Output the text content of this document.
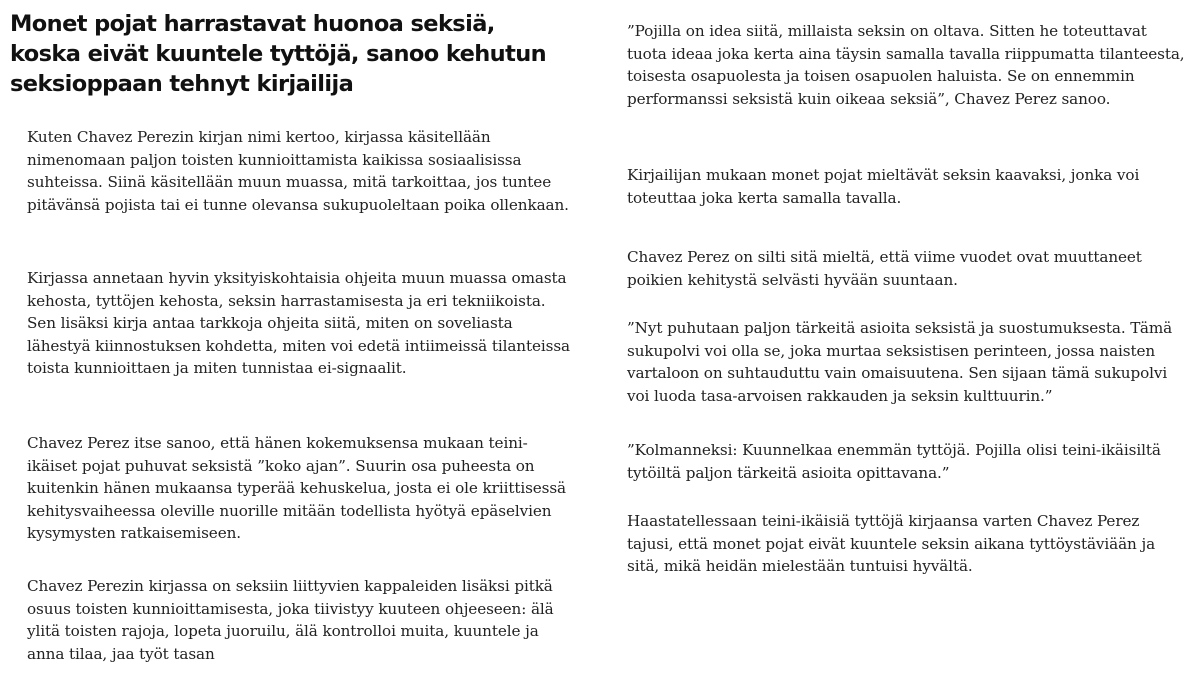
Monet pojat harrastavat huonoa seksiä, koska eivät kuuntele tyttöjä, sanoo kehutun seksioppaan tehnyt kirjailija

Kuten Chavez Perezin kirjan nimi kertoo, kirjassa käsitellään nimenomaan paljon toisten kunnioittamista kaikissa sosiaalisissa suhteissa. Siinä käsitellään muun muassa, mitä tarkoittaa, jos tuntee pitävänsä pojista tai ei tunne olevansa sukupuoleltaan poika ollenkaan.

Kirjassa annetaan hyvin yksityiskohtaisia ohjeita muun muassa omasta kehosta, tyttöjen kehosta, seksin harrastamisesta ja eri tekniikoista. Sen lisäksi kirja antaa tarkkoja ohjeita siitä, miten on soveliasta lähestyä kiinnostuksen kohdetta, miten voi edetä intiimeissä tilanteissa toista kunnioittaen ja miten tunnistaa ei-signaalit.

Chavez Perez itse sanoo, että hänen kokemuksensa mukaan teini-ikäiset pojat puhuvat seksistä ”koko ajan”. Suurin osa puheesta on kuitenkin hänen mukaansa typerää kehuskelua, josta ei ole kriittisessä kehitysvaiheessa oleville nuorille mitään todellista hyötyä epäselvien kysymysten ratkaisemiseen.

Chavez Perezin kirjassa on seksiin liittyvien kappaleiden lisäksi pitkä osuus toisten kunnioittamisesta, joka tiivistyy kuuteen ohjeeseen: älä ylitä toisten rajoja, lopeta juoruilu, älä kontrolloi muita, kuuntele ja anna tilaa, jaa työt tasan

”Pojilla on idea siitä, millaista seksin on oltava. Sitten he toteuttavat tuota ideaa joka kerta aina täysin samalla tavalla riippumatta tilanteesta, toisesta osapuolesta ja toisen osapuolen haluista. Se on ennemmin performanssi seksistä kuin oikeaa seksiä”, Chavez Perez sanoo.

Kirjailijan mukaan monet pojat mieltävät seksin kaavaksi, jonka voi toteuttaa joka kerta samalla tavalla.

Chavez Perez on silti sitä mieltä, että viime vuodet ovat muuttaneet poikien kehitystä selvästi hyvään suuntaan.

”Nyt puhutaan paljon tärkeitä asioita seksistä ja suostumuksesta. Tämä sukupolvi voi olla se, joka murtaa seksistisen perinteen, jossa naisten vartaloon on suhtauduttu vain omaisuutena. Sen sijaan tämä sukupolvi voi luoda tasa-arvoisen rakkauden ja seksin kulttuurin.”

”Kolmanneksi: Kuunnelkaa enemmän tyttöjä. Pojilla olisi teini-ikäisiltä tytöiltä paljon tärkeitä asioita opittavana.”

Haastatellessaan teini-ikäisiä tyttöjä kirjaansa varten Chavez Perez tajusi, että monet pojat eivät kuuntele seksin aikana tyttöystäviään ja sitä, mikä heidän mielestään tuntuisi hyvältä.
